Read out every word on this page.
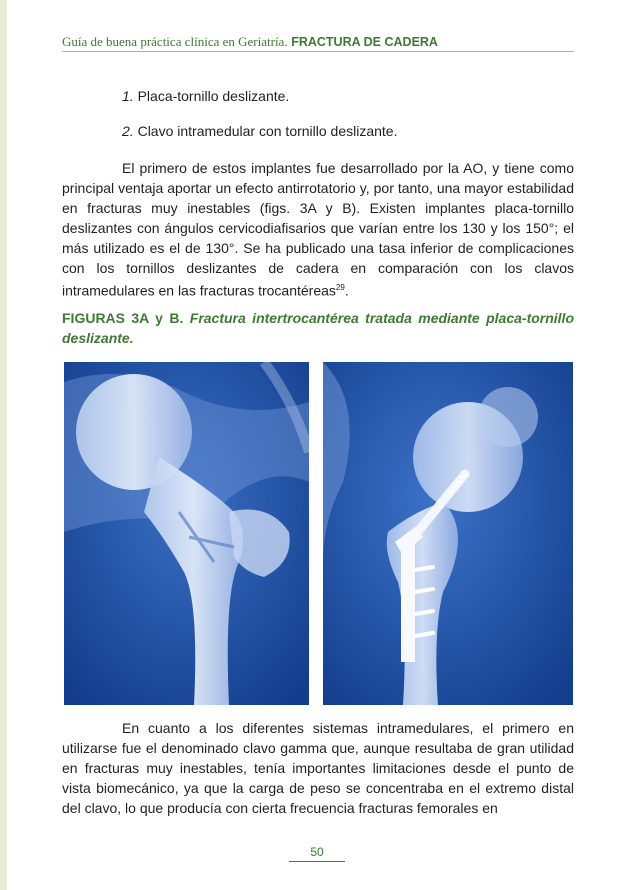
Guía de buena práctica clínica en Geriatría. FRACTURA DE CADERA
1. Placa-tornillo deslizante.
2. Clavo intramedular con tornillo deslizante.

El primero de estos implantes fue desarrollado por la AO, y tiene como principal ventaja aportar un efecto antirrotatorio y, por tanto, una mayor estabilidad en fracturas muy inestables (figs. 3A y B). Existen implantes placa-tornillo deslizantes con ángulos cervicodiafisarios que varían entre los 130 y los 150°; el más utilizado es el de 130°. Se ha publicado una tasa inferior de complicaciones con los tornillos deslizantes de cadera en comparación con los clavos intramedulares en las fracturas trocantéreas$^{29}$.

FIGURAS 3A y B. Fractura intertrocantérea tratada mediante placa-tornillo deslizante.

En cuanto a los diferentes sistemas intramedulares, el primero en utilizarse fue el denominado clavo gamma que, aunque resultaba de gran utilidad en fracturas muy inestables, tenía importantes limitaciones desde el punto de vista biomecánico, ya que la carga de peso se concentraba en el extremo distal del clavo, lo que producía con cierta frecuencia fracturas femorales en

50
